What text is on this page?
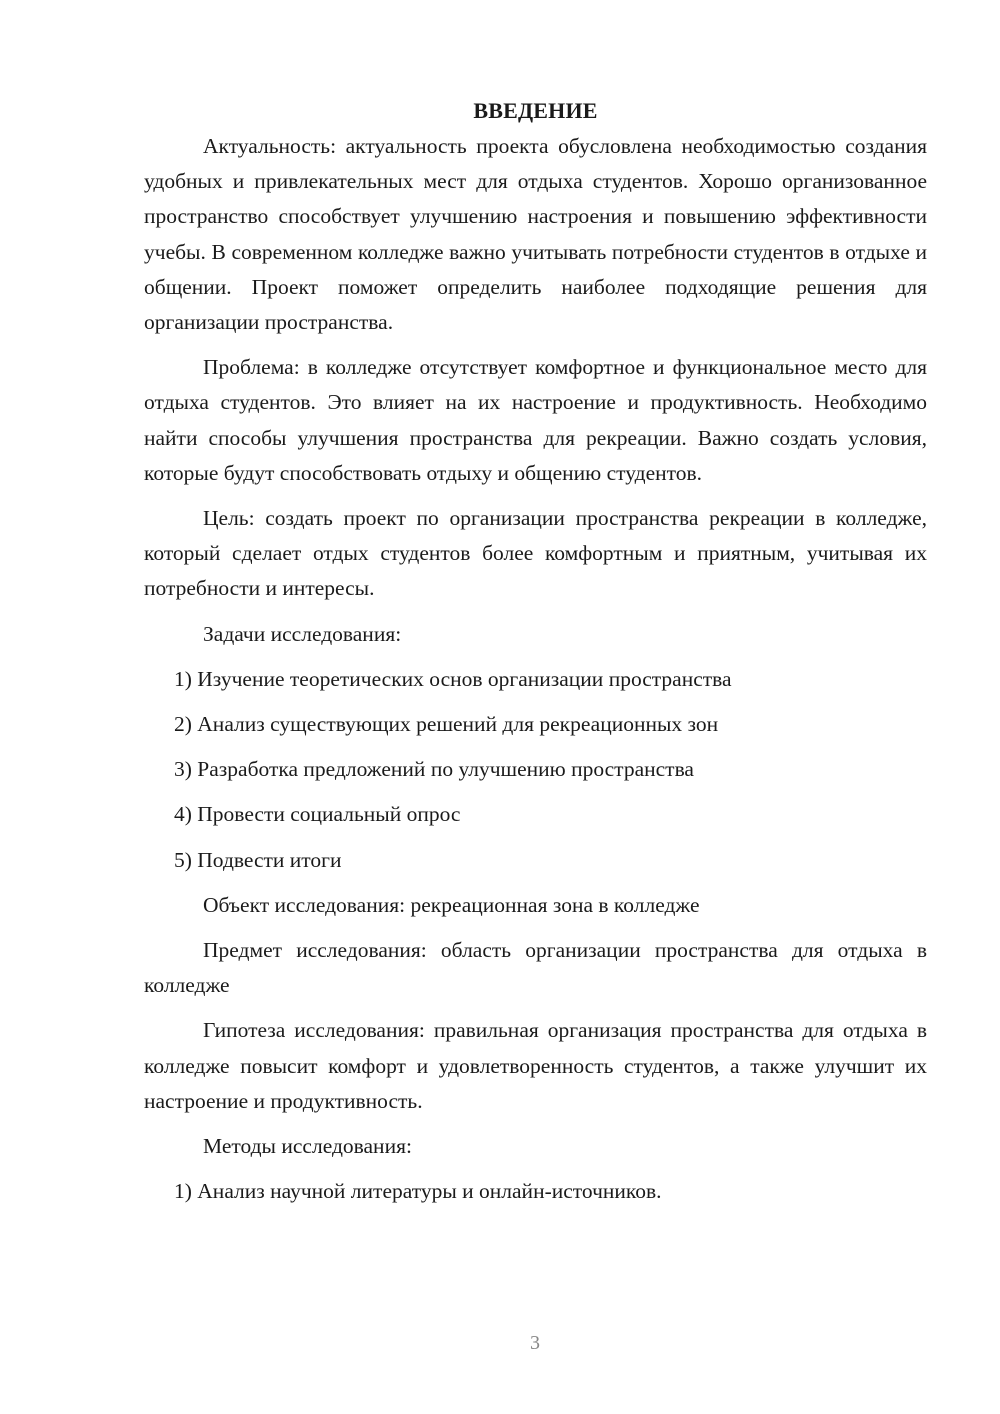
ВВЕДЕНИЕ

Актуальность: актуальность проекта обусловлена необходимостью создания удобных и привлекательных мест для отдыха студентов. Хорошо организованное пространство способствует улучшению настроения и повышению эффективности учебы. В современном колледже важно учитывать потребности студентов в отдыхе и общении. Проект поможет определить наиболее подходящие решения для организации пространства.

Проблема: в колледже отсутствует комфортное и функциональное место для отдыха студентов. Это влияет на их настроение и продуктивность. Необходимо найти способы улучшения пространства для рекреации. Важно создать условия, которые будут способствовать отдыху и общению студентов.

Цель: создать проект по организации пространства рекреации в колледже, который сделает отдых студентов более комфортным и приятным, учитывая их потребности и интересы.

Задачи исследования:

1) Изучение теоретических основ организации пространства
2) Анализ существующих решений для рекреационных зон
3) Разработка предложений по улучшению пространства
4) Провести социальный опрос
5) Подвести итоги

Объект исследования: рекреационная зона в колледже

Предмет исследования: область организации пространства для отдыха в колледже

Гипотеза исследования: правильная организация пространства для отдыха в колледже повысит комфорт и удовлетворенность студентов, а также улучшит их настроение и продуктивность.

Методы исследования:

1) Анализ научной литературы и онлайн-источников.
3
